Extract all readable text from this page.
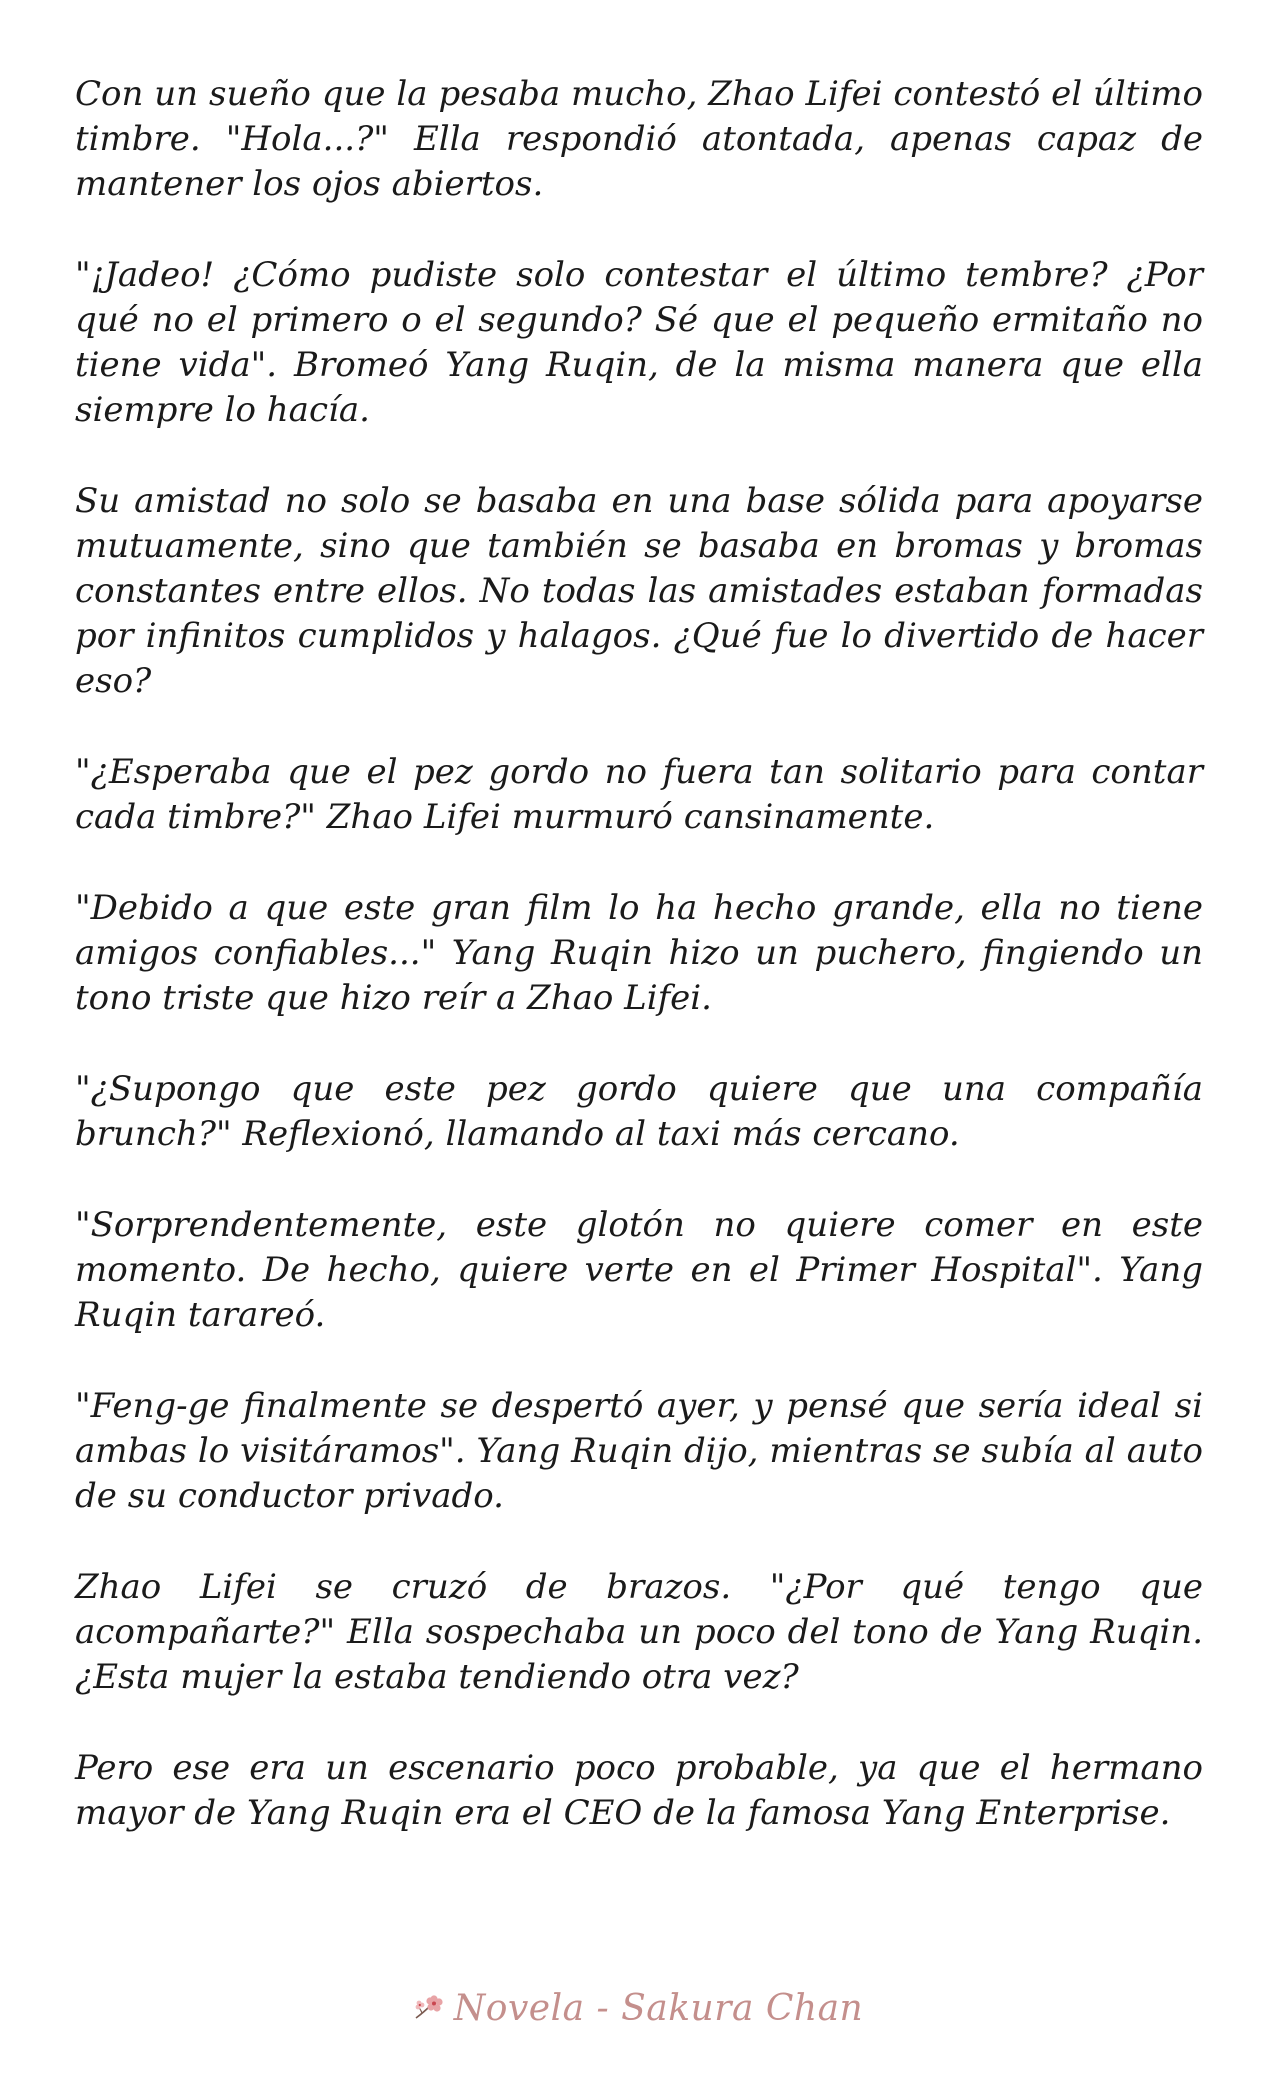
Con un sueño que la pesaba mucho, Zhao Lifei contestó el último timbre. "Hola...?" Ella respondió atontada, apenas capaz de mantener los ojos abiertos.

"¡Jadeo! ¿Cómo pudiste solo contestar el último tembre? ¿Por qué no el primero o el segundo? Sé que el pequeño ermitaño no tiene vida". Bromeó Yang Ruqin, de la misma manera que ella siempre lo hacía.

Su amistad no solo se basaba en una base sólida para apoyarse mutuamente, sino que también se basaba en bromas y bromas constantes entre ellos. No todas las amistades estaban formadas por infinitos cumplidos y halagos. ¿Qué fue lo divertido de hacer eso?

"¿Esperaba que el pez gordo no fuera tan solitario para contar cada timbre?" Zhao Lifei murmuró cansinamente.

"Debido a que este gran film lo ha hecho grande, ella no tiene amigos confiables..." Yang Ruqin hizo un puchero, fingiendo un tono triste que hizo reír a Zhao Lifei.

"¿Supongo que este pez gordo quiere que una compañía brunch?" Reflexionó, llamando al taxi más cercano.

"Sorprendentemente, este glotón no quiere comer en este momento. De hecho, quiere verte en el Primer Hospital". Yang Ruqin tarareó.

"Feng-ge finalmente se despertó ayer, y pensé que sería ideal si ambas lo visitáramos". Yang Ruqin dijo, mientras se subía al auto de su conductor privado.

Zhao Lifei se cruzó de brazos. "¿Por qué tengo que acompañarte?" Ella sospechaba un poco del tono de Yang Ruqin. ¿Esta mujer la estaba tendiendo otra vez?

Pero ese era un escenario poco probable, ya que el hermano mayor de Yang Ruqin era el CEO de la famosa Yang Enterprise.

Novela - Sakura Chan
